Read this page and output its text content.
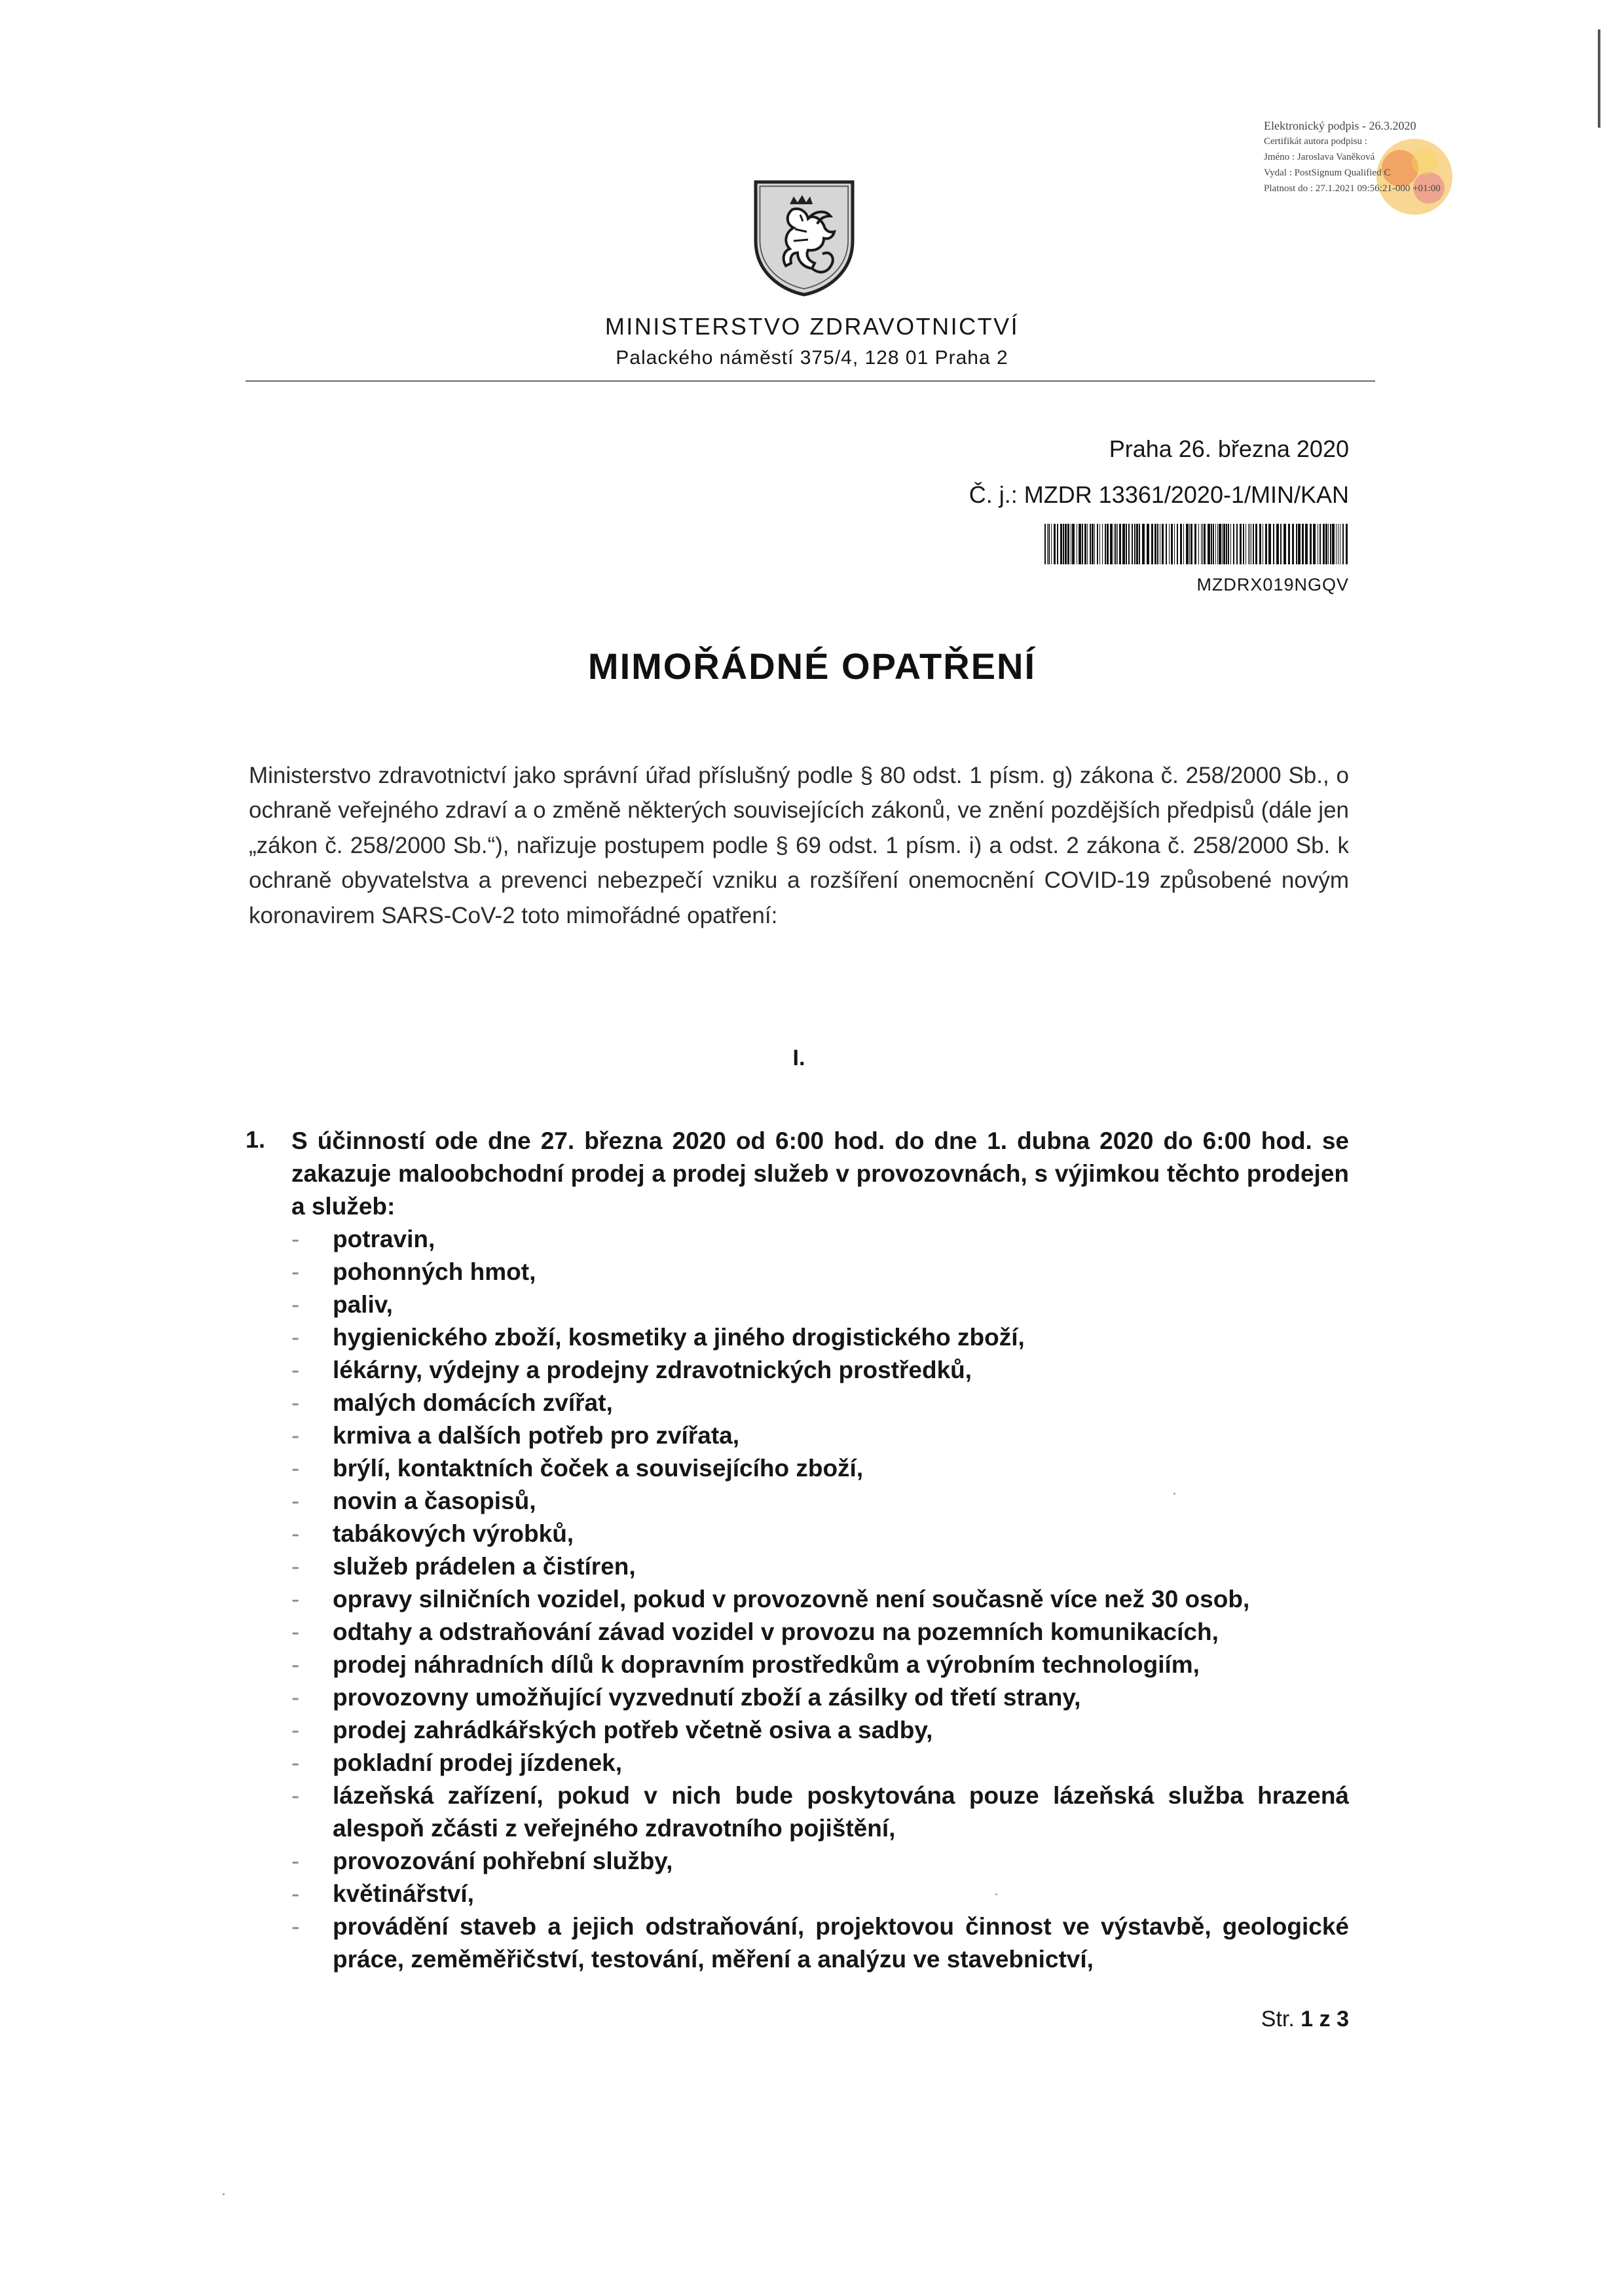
Elektronický podpis - 26.3.2020
Certifikát autora podpisu :
Jméno : Jaroslava Vaněková
Vydal : PostSignum Qualified C
Platnost do : 27.1.2021 09:56:21-000 +01:00
MINISTERSTVO ZDRAVOTNICTVÍ
Palackého náměstí 375/4, 128 01 Praha 2
Praha 26. března 2020
Č. j.: MZDR 13361/2020-1/MIN/KAN
MZDRX019NGQV
MIMOŘÁDNÉ OPATŘENÍ

Ministerstvo zdravotnictví jako správní úřad příslušný podle § 80 odst. 1 písm. g) zákona č. 258/2000 Sb., o ochraně veřejného zdraví a o změně některých souvisejících zákonů, ve znění pozdějších předpisů (dále jen „zákon č. 258/2000 Sb.“), nařizuje postupem podle § 69 odst. 1 písm. i) a odst. 2 zákona č. 258/2000 Sb. k ochraně obyvatelstva a prevenci nebezpečí vzniku a rozšíření onemocnění COVID-19 způsobené novým koronavirem SARS-CoV-2 toto mimořádné opatření:

I.
1. S účinností ode dne 27. března 2020 od 6:00 hod. do dne 1. dubna 2020 do 6:00 hod. se zakazuje maloobchodní prodej a prodej služeb v provozovnách, s výjimkou těchto prodejen a služeb:

- potravin,
- pohonných hmot,
- paliv,
- hygienického zboží, kosmetiky a jiného drogistického zboží,
- lékárny, výdejny a prodejny zdravotnických prostředků,
- malých domácích zvířat,
- krmiva a dalších potřeb pro zvířata,
- brýlí, kontaktních čoček a souvisejícího zboží,
- novin a časopisů,
- tabákových výrobků,
- služeb prádelen a čistíren,
- opravy silničních vozidel, pokud v provozovně není současně více než 30 osob,
- odtahy a odstraňování závad vozidel v provozu na pozemních komunikacích,
- prodej náhradních dílů k dopravním prostředkům a výrobním technologiím,
- provozovny umožňující vyzvednutí zboží a zásilky od třetí strany,
- prodej zahrádkářských potřeb včetně osiva a sadby,
- pokladní prodej jízdenek,
- lázeňská zařízení, pokud v nich bude poskytována pouze lázeňská služba hrazená alespoň zčásti z veřejného zdravotního pojištění,
- provozování pohřební služby,
- květinářství,
- provádění staveb a jejich odstraňování, projektovou činnost ve výstavbě, geologické práce, zeměměřičství, testování, měření a analýzu ve stavebnictví,
Str. 1 z 3
